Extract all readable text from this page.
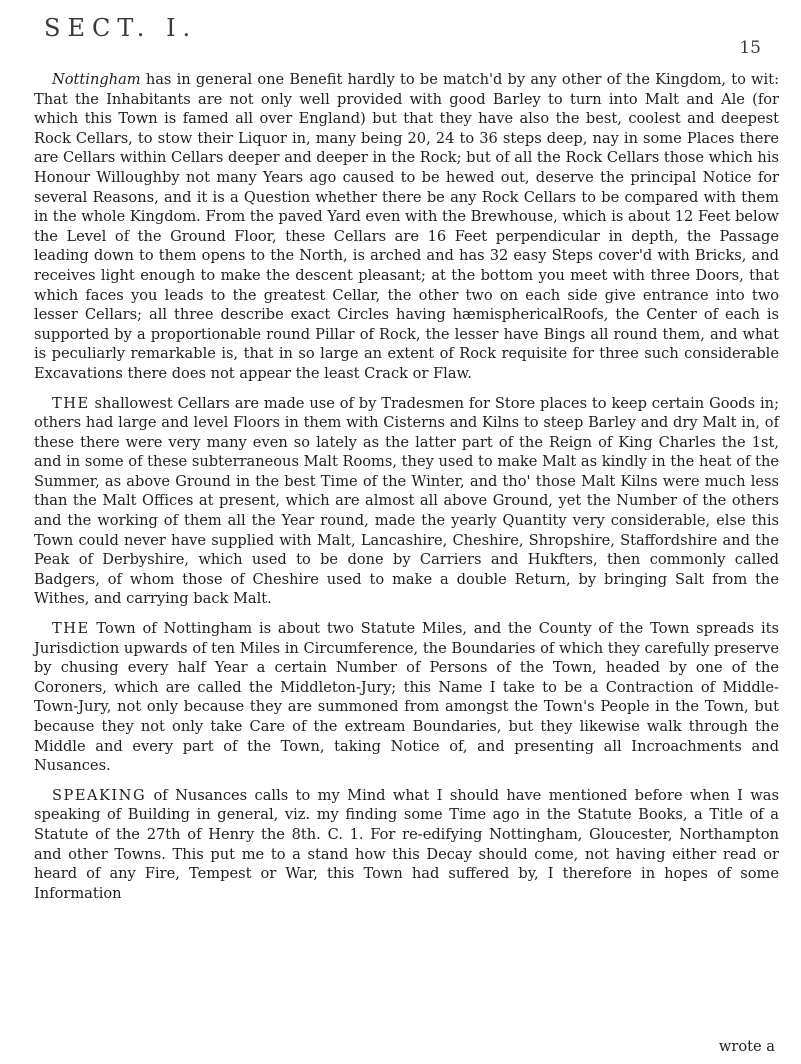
SECT. I.
15

Nottingham has in general one Benefit hardly to be match'd by any other of the Kingdom, to wit: That the Inhabitants are not only well provided with good Barley to turn into Malt and Ale (for which this Town is famed all over England) but that they have also the best, coolest and deepest Rock Cellars, to stow their Liquor in, many being 20, 24 to 36 steps deep, nay in some Places there are Cellars within Cellars deeper and deeper in the Rock; but of all the Rock Cellars those which his Honour Willoughby not many Years ago caused to be hewed out, deserve the principal Notice for several Reasons, and it is a Question whether there be any Rock Cellars to be compared with them in the whole Kingdom. From the paved Yard even with the Brewhouse, which is about 12 Feet below the Level of the Ground Floor, these Cellars are 16 Feet perpendicular in depth, the Passage leading down to them opens to the North, is arched and has 32 easy Steps cover'd with Bricks, and receives light enough to make the descent pleasant; at the bottom you meet with three Doors, that which faces you leads to the greatest Cellar, the other two on each side give entrance into two lesser Cellars; all three describe exact Circles having hæmisphericalRoofs, the Center of each is supported by a proportionable round Pillar of Rock, the lesser have Bings all round them, and what is peculiarly remarkable is, that in so large an extent of Rock requisite for three such considerable Excavations there does not appear the least Crack or Flaw.

THE shallowest Cellars are made use of by Tradesmen for Store places to keep certain Goods in; others had large and level Floors in them with Cisterns and Kilns to steep Barley and dry Malt in, of these there were very many even so lately as the latter part of the Reign of King Charles the 1st, and in some of these subterraneous Malt Rooms, they used to make Malt as kindly in the heat of the Summer, as above Ground in the best Time of the Winter, and tho' those Malt Kilns were much less than the Malt Offices at present, which are almost all above Ground, yet the Number of the others and the working of them all the Year round, made the yearly Quantity very considerable, else this Town could never have supplied with Malt, Lancashire, Cheshire, Shropshire, Staffordshire and the Peak of Derbyshire, which used to be done by Carriers and Hukfters, then commonly called Badgers, of whom those of Cheshire used to make a double Return, by bringing Salt from the Withes, and carrying back Malt.

THE Town of Nottingham is about two Statute Miles, and the County of the Town spreads its Jurisdiction upwards of ten Miles in Circumference, the Boundaries of which they carefully preserve by chusing every half Year a certain Number of Persons of the Town, headed by one of the Coroners, which are called the Middleton-Jury; this Name I take to be a Contraction of Middle-Town-Jury, not only because they are summoned from amongst the Town's People in the Town, but because they not only take Care of the extream Boundaries, but they likewise walk through the Middle and every part of the Town, taking Notice of, and presenting all Incroachments and Nusances.

SPEAKING of Nusances calls to my Mind what I should have mentioned before when I was speaking of Building in general, viz. my finding some Time ago in the Statute Books, a Title of a Statute of the 27th of Henry the 8th. C. 1. For re-edifying Nottingham, Gloucester, Northampton and other Towns. This put me to a stand how this Decay should come, not having either read or heard of any Fire, Tempest or War, this Town had suffered by, I therefore in hopes of some Information

wrote a
